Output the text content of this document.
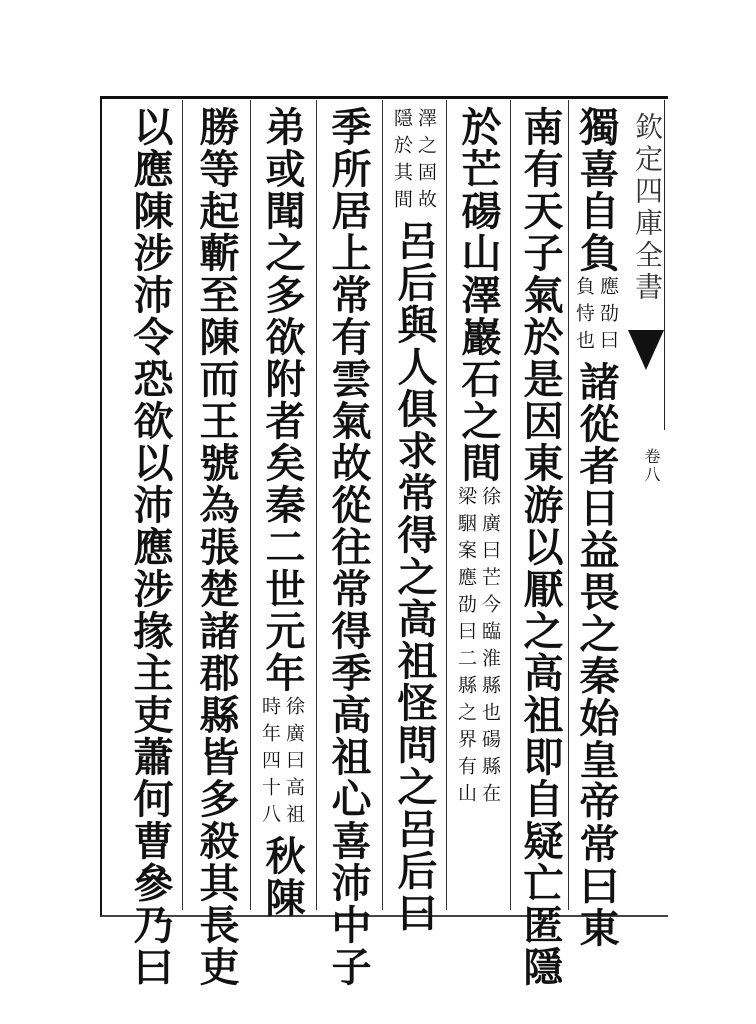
欽定四庫全書
卷八
獨喜自負
應劭曰
負恃也
諸從者日益畏之秦始皇帝常曰東
南有天子氣於是因東游以厭之高祖即自疑亡匿隱
於芒碭山澤巖石之間
徐廣曰芒今臨淮縣也碭縣在
梁駰案應劭曰二縣之界有山
澤之固故
隱於其間
呂后與人俱求常得之高祖怪問之呂后曰
季所居上常有雲氣故從往常得季高祖心喜沛中子
弟或聞之多欲附者矣秦二世元年
徐廣曰高祖
時年四十八
秋陳
勝等起蘄至陳而王號為張楚諸郡縣皆多殺其長吏
以應陳涉沛令恐欲以沛應涉掾主吏蕭何曹參乃曰
